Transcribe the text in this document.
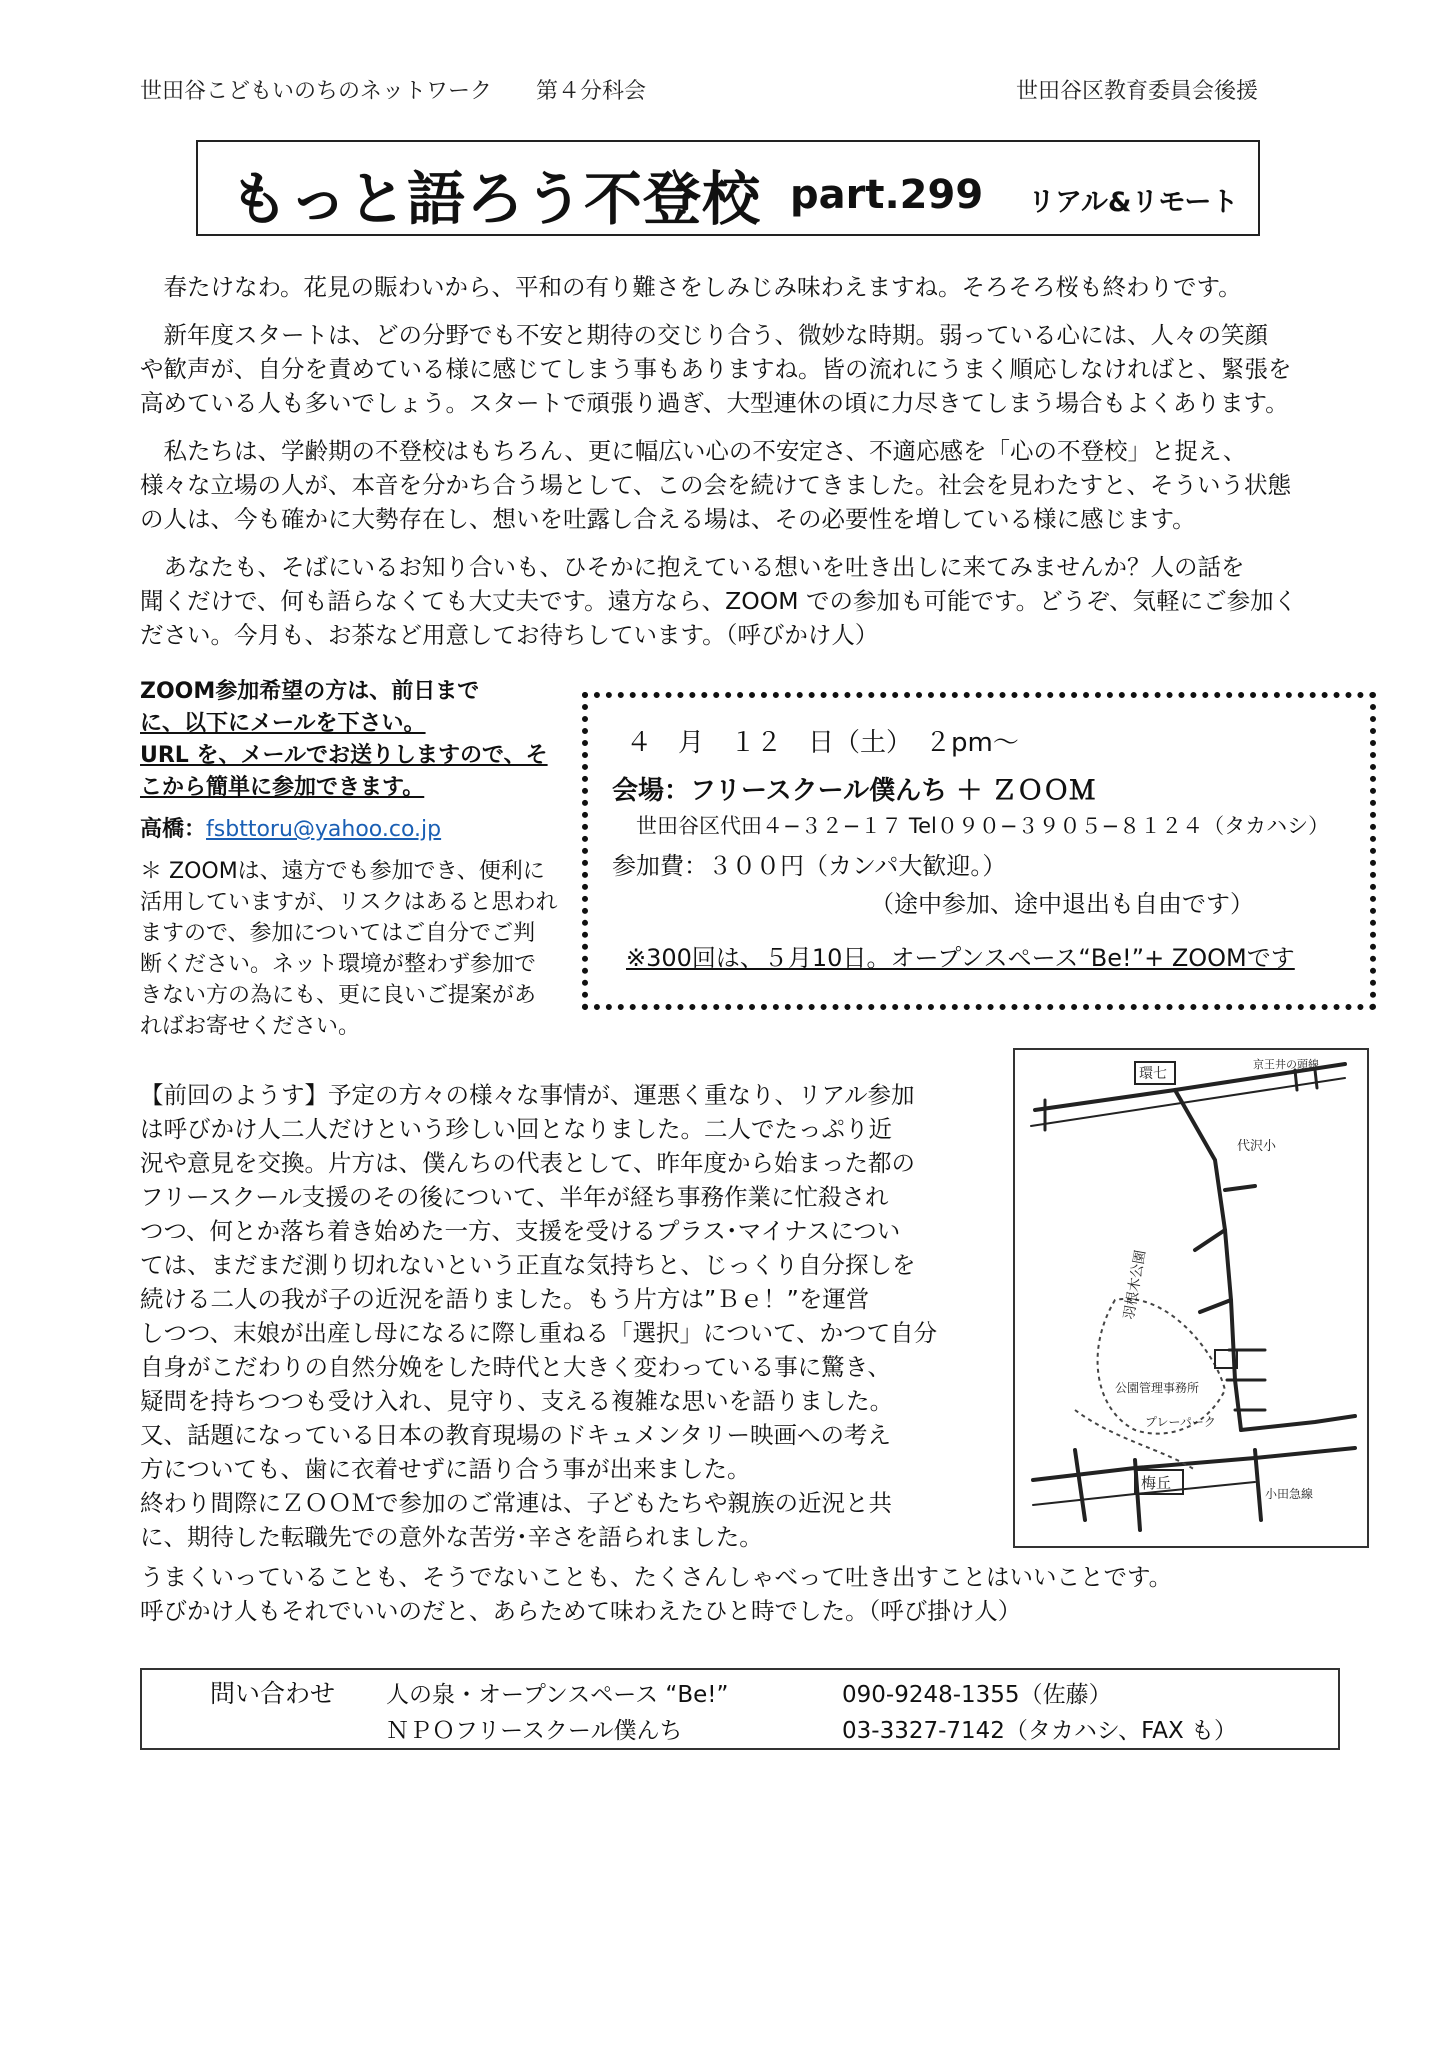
世田谷こどもいのちのネットワーク　　第４分科会	世田谷区教育委員会後援
もっと語ろう不登校 part.299 リアル&リモート
　春たけなわ。花見の賑わいから、平和の有り難さをしみじみ味わえますね。そろそろ桜も終わりです。
　新年度スタートは、どの分野でも不安と期待の交じり合う、微妙な時期。弱っている心には、人々の笑顔
や歓声が、自分を責めている様に感じてしまう事もありますね。皆の流れにうまく順応しなければと、緊張を
高めている人も多いでしょう。スタートで頑張り過ぎ、大型連休の頃に力尽きてしまう場合もよくあります。
　私たちは、学齢期の不登校はもちろん、更に幅広い心の不安定さ、不適応感を「心の不登校」と捉え、
様々な立場の人が、本音を分かち合う場として、この会を続けてきました。社会を見わたすと、そういう状態
の人は、今も確かに大勢存在し、想いを吐露し合える場は、その必要性を増している様に感じます。
　あなたも、そばにいるお知り合いも、ひそかに抱えている想いを吐き出しに来てみませんか？人の話を
聞くだけで、何も語らなくても大丈夫です。遠方なら、ZOOM での参加も可能です。どうぞ、気軽にご参加く
ださい。今月も、お茶など用意してお待ちしています。（呼びかけ人）
ZOOM参加希望の方は、前日まで
に、以下にメールを下さい。
URL を、メールでお送りしますので、そ
こから簡単に参加できます。
高橋：fsbttoru@yahoo.co.jp
＊ ZOOMは、遠方でも参加でき、便利に
活用していますが、リスクはあると思われ
ますので、参加についてはご自分でご判
断ください。ネット環境が整わず参加で
きない方の為にも、更に良いご提案があ
ればお寄せください。
４　月　１２　日（土）　２pm～
会場：フリースクール僕んち ＋ ＺＯＯＭ
世田谷区代田４−３２−１７ Tel０９０−３９０５−８１２４（タカハシ）
参加費：３００円（カンパ大歓迎。）
（途中参加、途中退出も自由です）
※300回は、５月10日。オープンスペース“Be!”+ ZOOMです
【前回のようす】予定の方々の様々な事情が、運悪く重なり、リアル参加
は呼びかけ人二人だけという珍しい回となりました。二人でたっぷり近
況や意見を交換。片方は、僕んちの代表として、昨年度から始まった都の
フリースクール支援のその後について、半年が経ち事務作業に忙殺され
つつ、何とか落ち着き始めた一方、支援を受けるプラス･マイナスについ
ては、まだまだ測り切れないという正直な気持ちと、じっくり自分探しを
続ける二人の我が子の近況を語りました。もう片方は”Ｂｅ！”を運営
しつつ、末娘が出産し母になるに際し重ねる「選択」について、かつて自分
自身がこだわりの自然分娩をした時代と大きく変わっている事に驚き、
疑問を持ちつつも受け入れ、見守り、支える複雑な思いを語りました。
又、話題になっている日本の教育現場のドキュメンタリー映画への考え
方についても、歯に衣着せずに語り合う事が出来ました。
終わり間際にＺＯＯＭで参加のご常連は、子どもたちや親族の近況と共
に、期待した転職先での意外な苦労･辛さを語られました。
うまくいっていることも、そうでないことも、たくさんしゃべって吐き出すことはいいことです。
呼びかけ人もそれでいいのだと、あらためて味わえたひと時でした。（呼び掛け人）
代沢小
羽根木公園
公園管理事務所
プレーパーク
梅丘
小田急線
環七
京王井の頭線
問い合わせ 人の泉・オープンスペース “Be!”	090-9248-1355（佐藤）
ＮＰＯフリースクール僕んち	03-3327-7142（タカハシ、FAX も）
